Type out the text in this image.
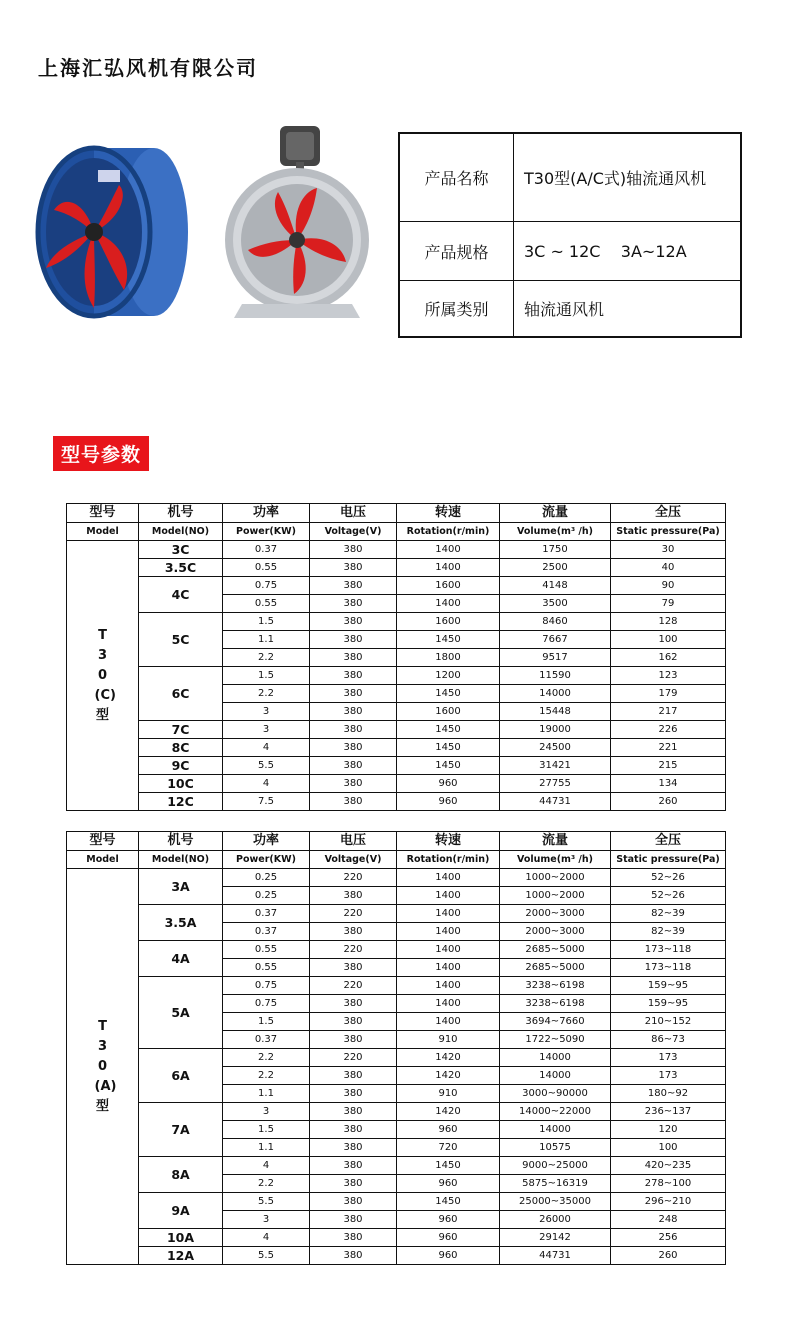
上海汇弘风机有限公司
产品名称	T30型(A/C式)轴流通风机
产品规格	3C ~ 12C    3A~12A
所属类别	轴流通风机
型号参数
型号	机号	功率	电压	转速	流量	全压
Model	Model(NO)	Power(KW)	Voltage(V)	Rotation(r/min)	Volume(m³ /h)	Static pressure(Pa)
T30(C)型	3C	0.37	380	1400	1750	30
	3.5C	0.55	380	1400	2500	40
	4C	0.75	380	1600	4148	90
		0.55	380	1400	3500	79
	5C	1.5	380	1600	8460	128
		1.1	380	1450	7667	100
		2.2	380	1800	9517	162
	6C	1.5	380	1200	11590	123
		2.2	380	1450	14000	179
		3	380	1600	15448	217
	7C	3	380	1450	19000	226
	8C	4	380	1450	24500	221
	9C	5.5	380	1450	31421	215
	10C	4	380	960	27755	134
	12C	7.5	380	960	44731	260
型号	机号	功率	电压	转速	流量	全压
Model	Model(NO)	Power(KW)	Voltage(V)	Rotation(r/min)	Volume(m³ /h)	Static pressure(Pa)
T30(A)型	3A	0.25	220	1400	1000~2000	52~26
		0.25	380	1400	1000~2000	52~26
	3.5A	0.37	220	1400	2000~3000	82~39
		0.37	380	1400	2000~3000	82~39
	4A	0.55	220	1400	2685~5000	173~118
		0.55	380	1400	2685~5000	173~118
	5A	0.75	220	1400	3238~6198	159~95
		0.75	380	1400	3238~6198	159~95
		1.5	380	1400	3694~7660	210~152
		0.37	380	910	1722~5090	86~73
	6A	2.2	220	1420	14000	173
		2.2	380	1420	14000	173
		1.1	380	910	3000~90000	180~92
	7A	3	380	1420	14000~22000	236~137
		1.5	380	960	14000	120
		1.1	380	720	10575	100
	8A	4	380	1450	9000~25000	420~235
		2.2	380	960	5875~16319	278~100
	9A	5.5	380	1450	25000~35000	296~210
		3	380	960	26000	248
	10A	4	380	960	29142	256
	12A	5.5	380	960	44731	260
